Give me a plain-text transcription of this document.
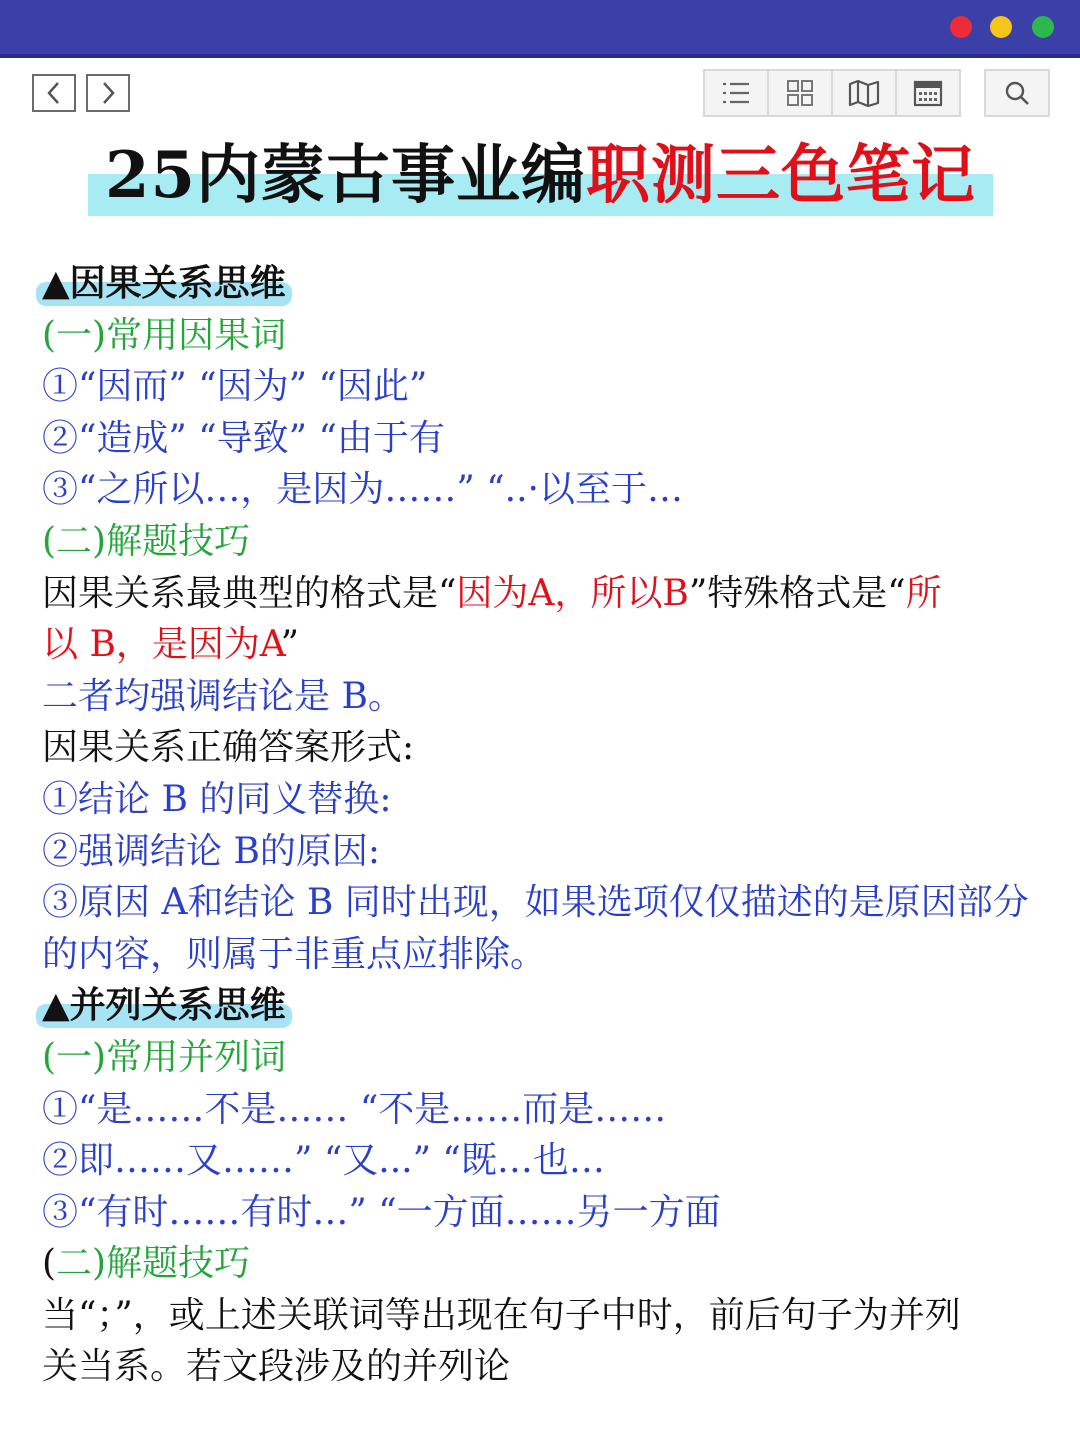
25内蒙古事业编职测三色笔记
▲因果关系思维
(一)常用因果词
①“因而” “因为” “因此”
②“造成” “导致” “由于有
③“之所以…，是因为……” “..·以至于…
(二)解题技巧
因果关系最典型的格式是“因为A，所以B”特殊格式是“所
以 B，是因为A”
二者均强调结论是 B。
因果关系正确答案形式:
①结论 B 的同义替换:
②强调结论 B的原因:
③原因 A和结论 B 同时出现，如果选项仅仅描述的是原因部分
的内容，则属于非重点应排除。
▲并列关系思维
(一)常用并列词
①“是……不是…… “不是……而是……
②即……又……” “又...” “既…也…
③“有时……有时…” “一方面……另一方面
(二)解题技巧
当“；”，或上述关联词等出现在句子中时，前后句子为并列
关当系。若文段涉及的并列论
